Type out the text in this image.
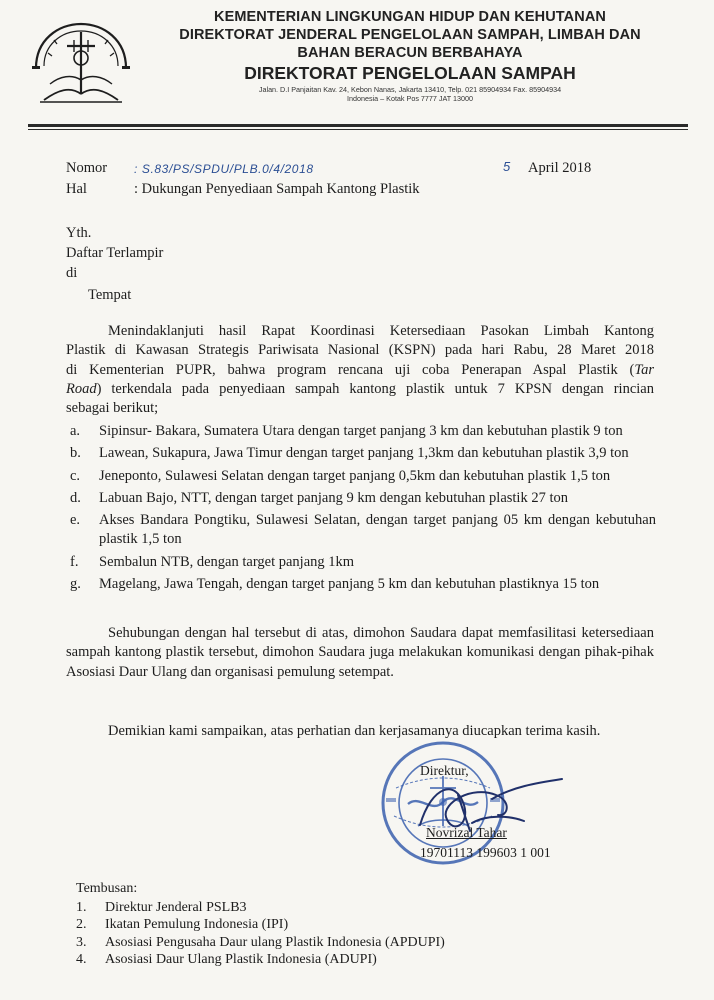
KEMENTERIAN LINGKUNGAN HIDUP DAN KEHUTANAN
DIREKTORAT JENDERAL PENGELOLAAN SAMPAH, LIMBAH DAN
BAHAN BERACUN BERBAHAYA
DIREKTORAT PENGELOLAAN SAMPAH
Jalan. D.I Panjaitan Kav. 24, Kebon Nanas, Jakarta 13410, Telp. 021 85904934 Fax. 85904934
Indonesia – Kotak Pos 7777 JAT 13000
Nomor : S.83/PS/SPDU/PLB.0/4/2018	5 April 2018
Hal	: Dukungan Penyediaan Sampah Kantong Plastik
Yth.
Daftar Terlampir
di
Tempat
Menindaklanjuti hasil Rapat Koordinasi Ketersediaan Pasokan Limbah Kantong
Plastik di Kawasan Strategis Pariwisata Nasional (KSPN) pada hari Rabu, 28 Maret 2018
di Kementerian PUPR, bahwa program rencana uji coba Penerapan Aspal Plastik (Tar
Road) terkendala pada penyediaan sampah kantong plastik untuk 7 KPSN dengan rincian
sebagai berikut;
a. Sipinsur- Bakara, Sumatera Utara dengan target panjang 3 km dan kebutuhan plastik 9 ton
b. Lawean, Sukapura, Jawa Timur dengan target panjang 1,3km dan kebutuhan plastik 3,9 ton
c. Jeneponto, Sulawesi Selatan dengan target panjang 0,5km dan kebutuhan plastik 1,5 ton
d. Labuan Bajo, NTT, dengan target panjang 9 km dengan kebutuhan plastik 27 ton
e. Akses Bandara Pongtiku, Sulawesi Selatan, dengan target panjang 05 km dengan kebutuhan plastik 1,5 ton
f. Sembalun NTB, dengan target panjang 1km
g. Magelang, Jawa Tengah, dengan target panjang 5 km dan kebutuhan plastiknya 15 ton
Sehubungan dengan hal tersebut di atas, dimohon Saudara dapat memfasilitasi ketersediaan sampah kantong plastik tersebut, dimohon Saudara juga melakukan komunikasi dengan pihak-pihak Asosiasi Daur Ulang dan organisasi pemulung setempat.
Demikian kami sampaikan, atas perhatian dan kerjasamanya diucapkan terima kasih.
Direktur,
Novrizal Tahar
19701113 199603 1 001
Tembusan:
1. Direktur Jenderal PSLB3
2. Ikatan Pemulung Indonesia (IPI)
3. Asosiasi Pengusaha Daur ulang Plastik Indonesia (APDUPI)
4. Asosiasi Daur Ulang Plastik Indonesia (ADUPI)
